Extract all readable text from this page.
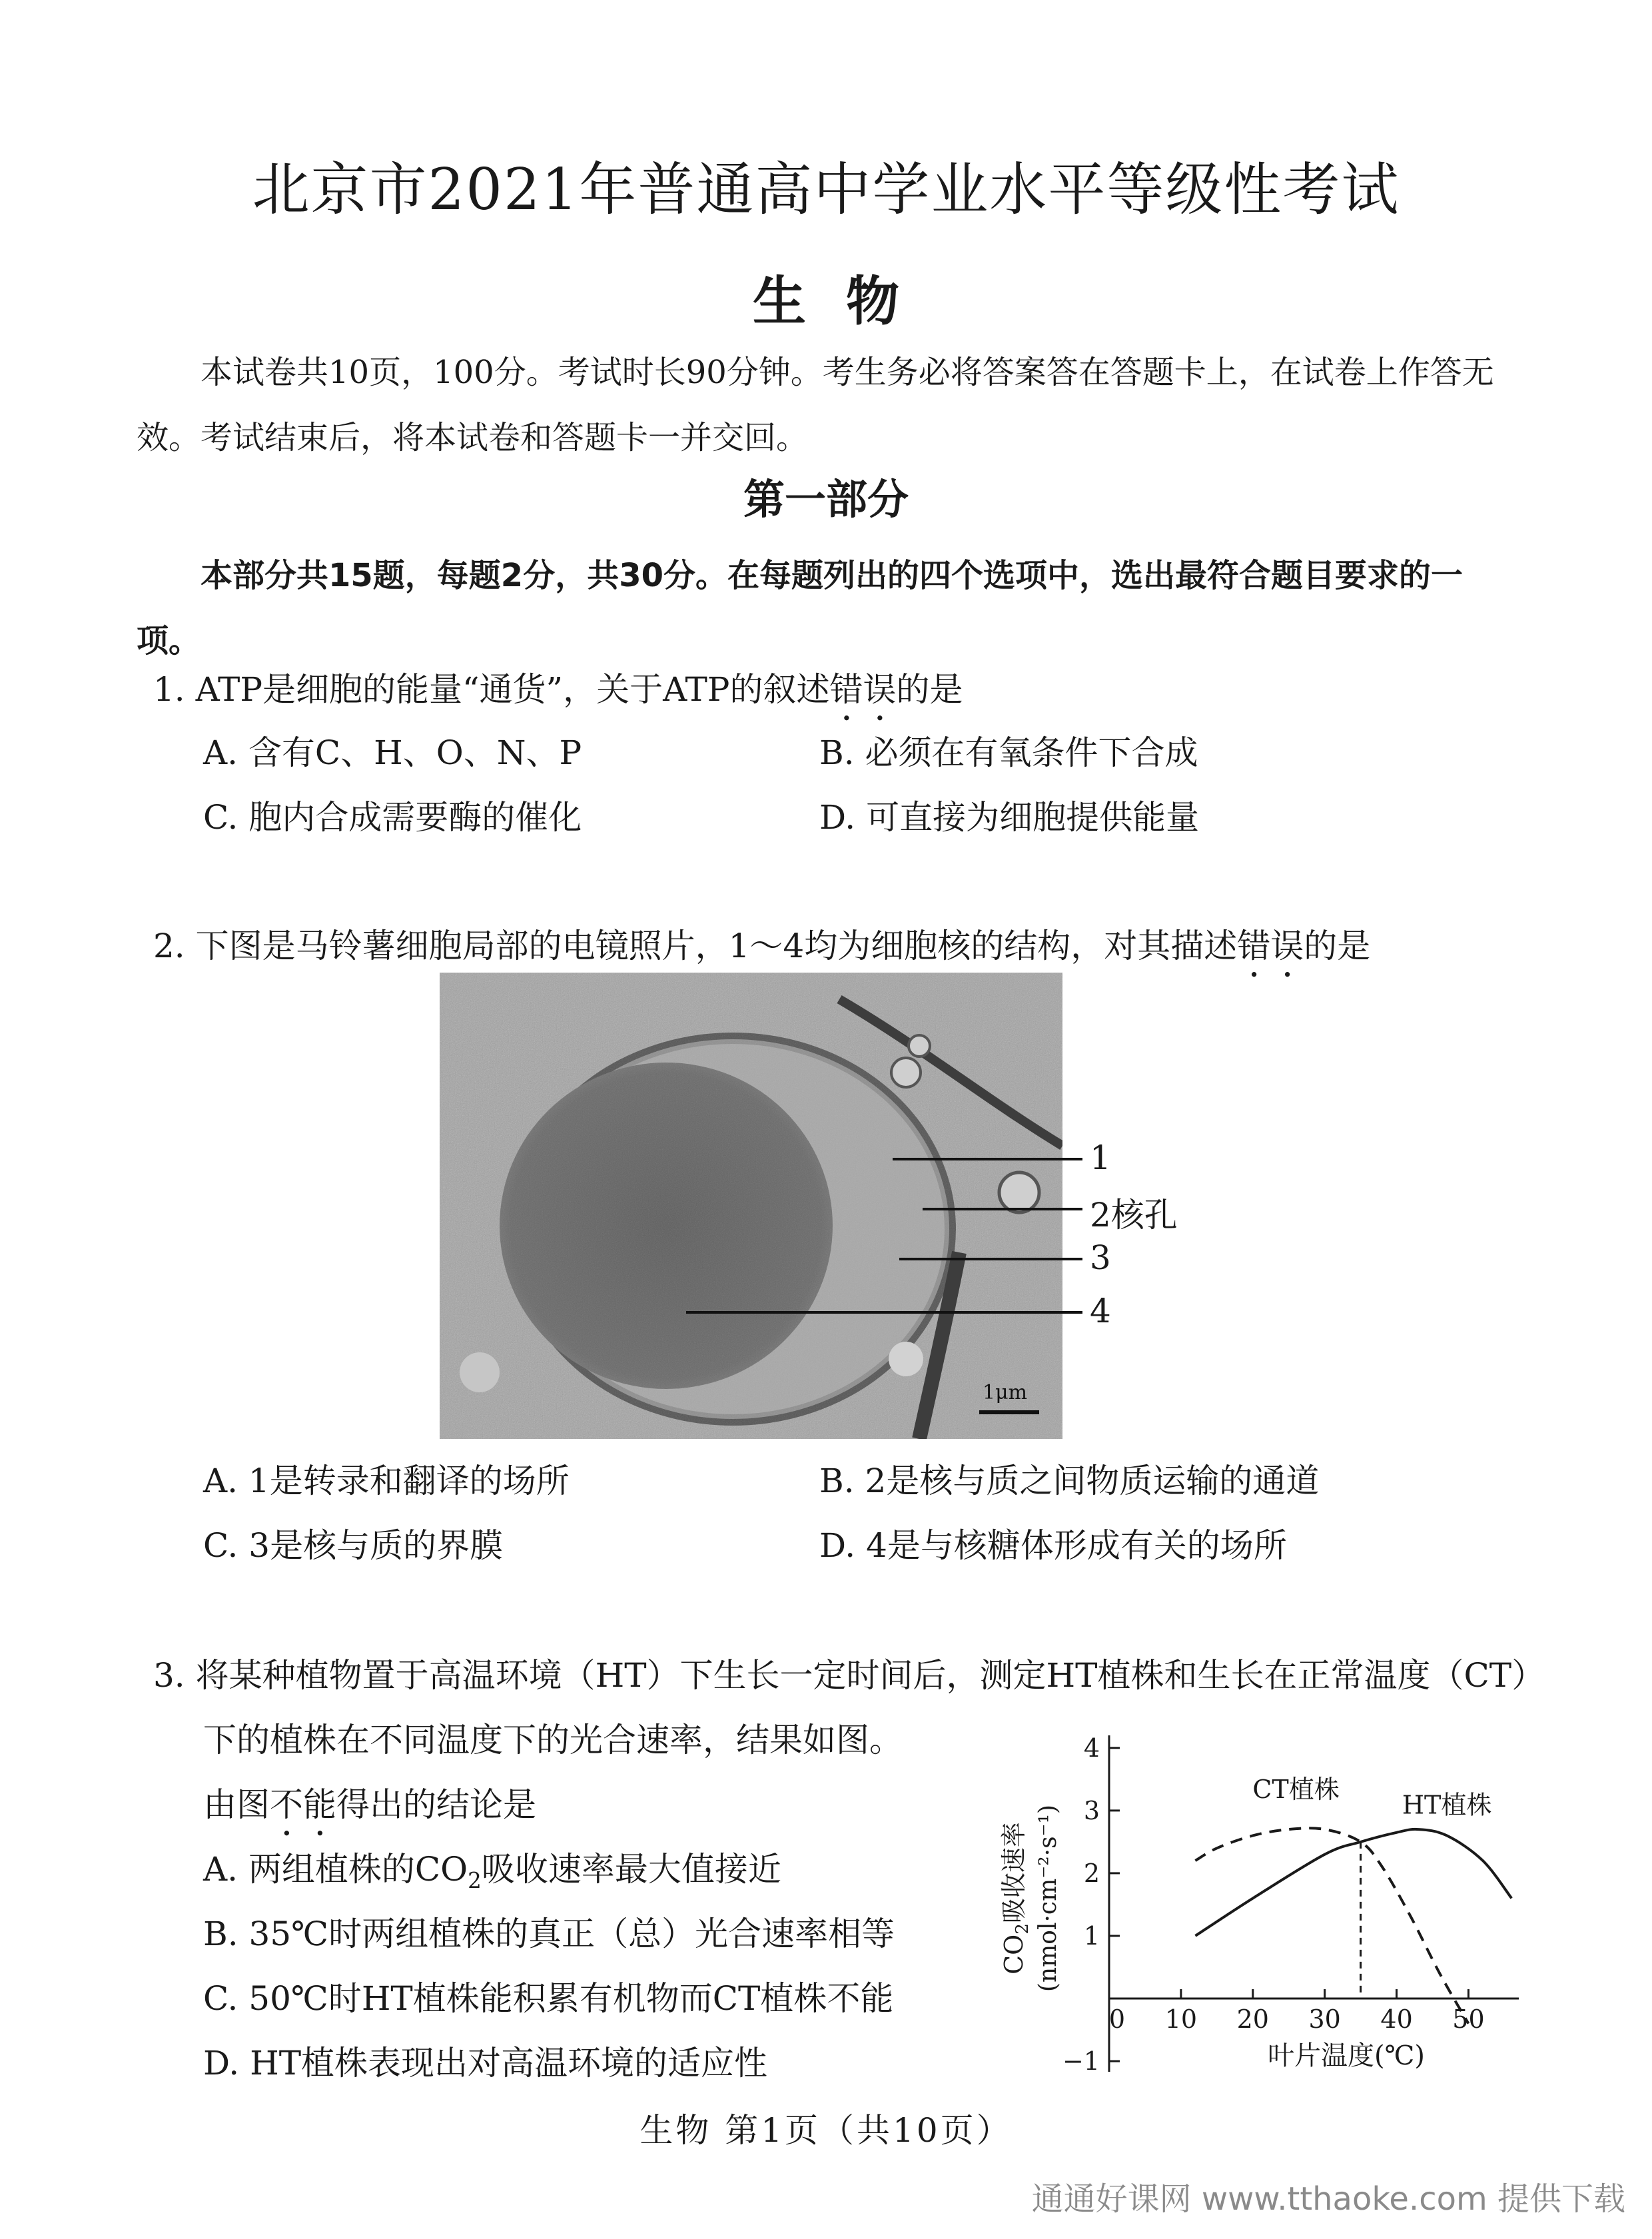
北京市2021年普通高中学业水平等级性考试
生物
本试卷共10页，100分。考试时长90分钟。考生务必将答案答在答题卡上，在试卷上作答无效。考试结束后，将本试卷和答题卡一并交回。
第一部分
本部分共15题，每题2分，共30分。在每题列出的四个选项中，选出最符合题目要求的一项。
1. ATP是细胞的能量“通货”，关于ATP的叙述错误的是
A. 含有C、H、O、N、P	B. 必须在有氧条件下合成
C. 胞内合成需要酶的催化	D. 可直接为细胞提供能量
2. 下图是马铃薯细胞局部的电镜照片，1～4均为细胞核的结构，对其描述错误的是
1μm
1
2核孔
3
4
A. 1是转录和翻译的场所	B. 2是核与质之间物质运输的通道
C. 3是核与质的界膜	D. 4是与核糖体形成有关的场所
3. 将某种植物置于高温环境（HT）下生长一定时间后，测定HT植株和生长在正常温度（CT）
下的植株在不同温度下的光合速率，结果如图。
由图不能得出的结论是
A. 两组植株的$CO_2$吸收速率最大值接近
B. 35℃时两组植株的真正（总）光合速率相等
C. 50℃时HT植株能积累有机物而CT植株不能
D. HT植株表现出对高温环境的适应性	−1
1
2
3
4
0 10 20 30 40 50
CT植株
HT植株
$CO_2$吸收速率 (nmol·cm⁻²·s⁻¹)
叶片温度(℃)
生物 第1页（共10页）
通通好课网 www.tthaoke.com 提供下载
